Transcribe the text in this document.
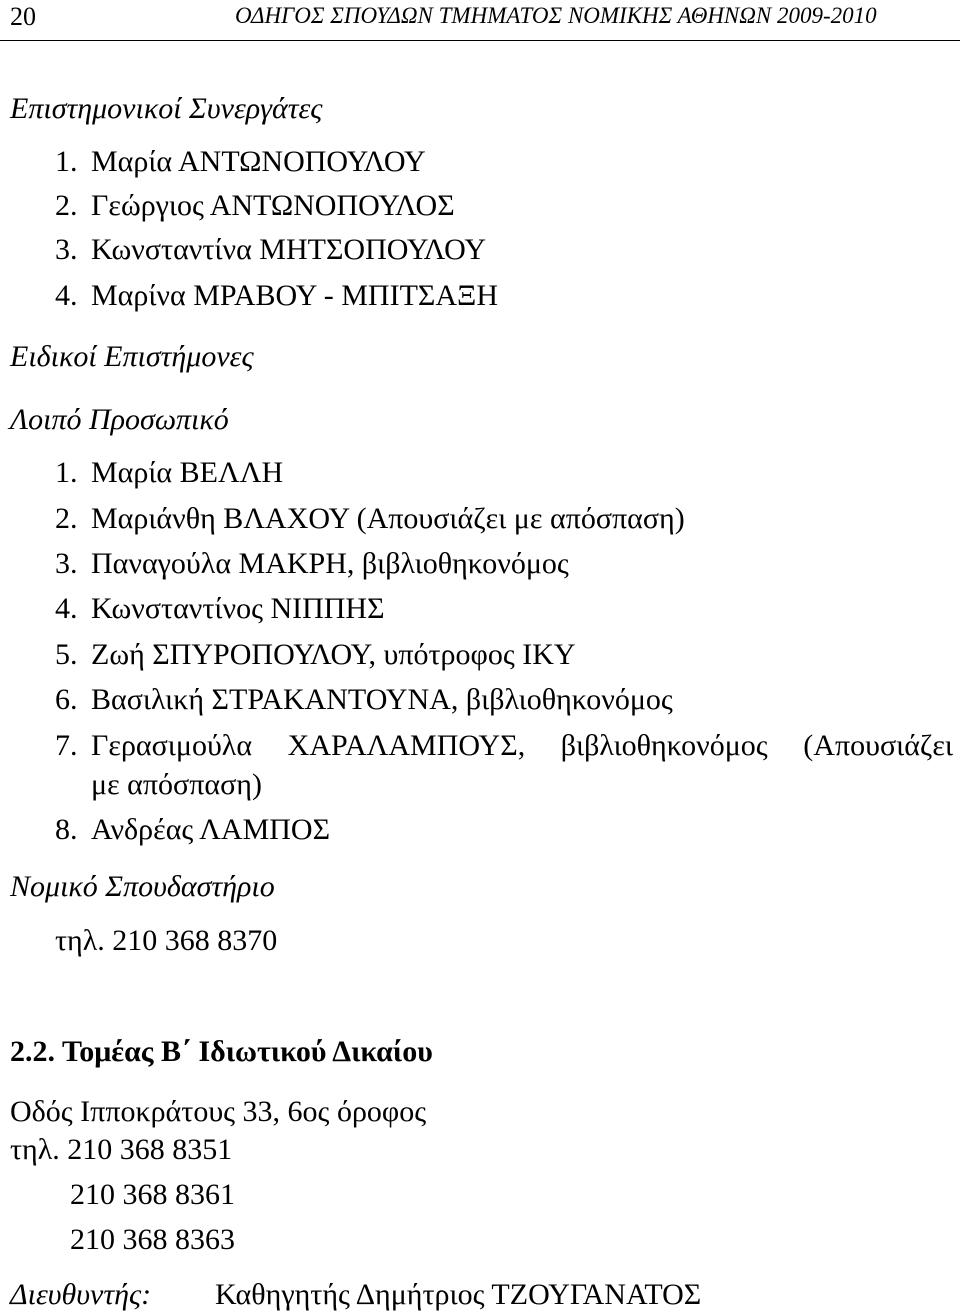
20	ΟΔΗΓΟΣ ΣΠΟΥΔΩΝ ΤΜΗΜΑΤΟΣ ΝΟΜΙΚΗΣ ΑΘΗΝΩΝ 2009-2010
Επιστημονικοί Συνεργάτες
1. Μαρία ΑΝΤΩΝΟΠΟΥΛΟΥ
2. Γεώργιος ΑΝΤΩΝΟΠΟΥΛΟΣ
3. Κωνσταντίνα ΜΗΤΣΟΠΟΥΛΟΥ
4. Μαρίνα ΜΡΑΒΟΥ - ΜΠΙΤΣΑΞΗ
Ειδικοί Επιστήμονες
Λοιπό Προσωπικό
1. Μαρία ΒΕΛΛΗ
2. Μαριάνθη ΒΛΑΧΟΥ (Απουσιάζει με απόσπαση)
3. Παναγούλα ΜΑΚΡΗ, βιβλιοθηκονόμος
4. Κωνσταντίνος ΝΙΠΠΗΣ
5. Ζωή ΣΠΥΡΟΠΟΥΛΟΥ, υπότροφος ΙΚΥ
6. Βασιλική ΣΤΡΑΚΑΝΤΟΥΝΑ, βιβλιοθηκονόμος
7. Γερασιμούλα ΧΑΡΑΛΑΜΠΟΥΣ, βιβλιοθηκονόμος (Απουσιάζει
με απόσπαση)
8. Ανδρέας ΛΑΜΠΟΣ
Νομικό Σπουδαστήριο
τηλ. 210 368 8370
2.2. Τομέας Β΄ Ιδιωτικού Δικαίου
Οδός Ιπποκράτους 33, 6ος όροφος
τηλ. 210 368 8351
210 368 8361
210 368 8363
Διευθυντής: Καθηγητής Δημήτριος ΤΖΟΥΓΑΝΑΤΟΣ
